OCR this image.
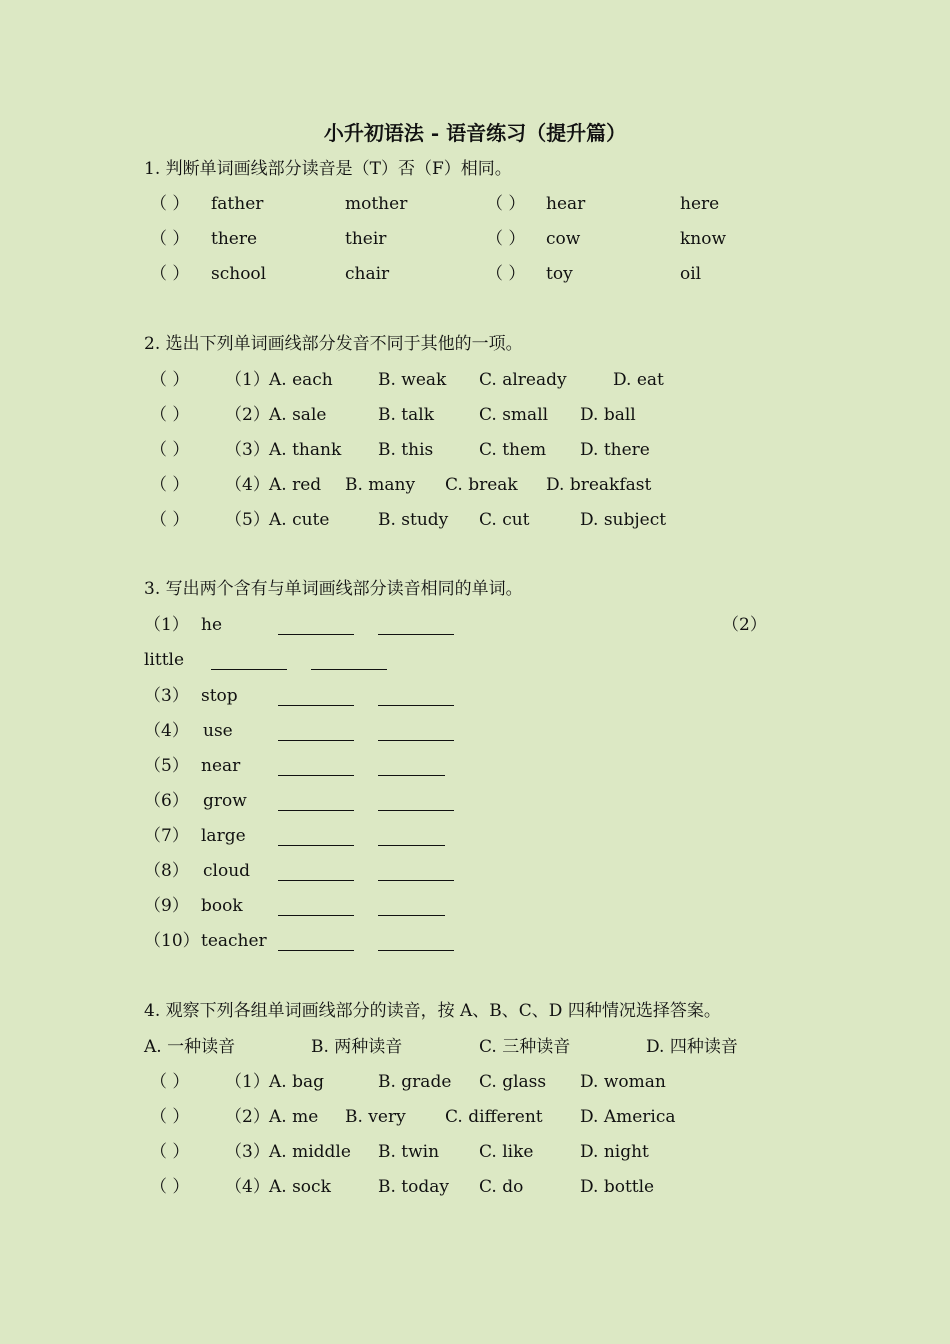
小升初语法 - 语音练习（提升篇）
1. 判断单词画线部分读音是（T）否（F）相同。
（ ） father	mother	（ ） hear	here
（ ） there	their	（ ） cow	know
（ ） school	chair	（ ） toy	oil
2. 选出下列单词画线部分发音不同于其他的一项。
（ ） （1） A. each	B. weak C. already	D. eat
（ ） （2） A. sale	B. talk	C. small D. ball
（ ） （3） A. thank B. this	C. them D. there
（ ） （4） A. red B. many C. break D. breakfast
（ ） （5） A. cute	B. study C. cut	D. subject
3. 写出两个含有与单词画线部分读音相同的单词。
（1） he	（2）
little
（3） stop
（4） use
（5） near
（6） grow
（7） large
（8） cloud
（9） book
（10） teacher
4. 观察下列各组单词画线部分的读音，按 A、B、C、D 四种情况选择答案。
A. 一种读音	B. 两种读音	C. 三种读音	D. 四种读音
（ ） （1） A. bag	B. grade C. glass D. woman
（ ） （2） A. me B. very C. different D. America
（ ） （3） A. middle B. twin C. like	D. night
（ ） （4） A. sock	B. today C. do	D. bottle
